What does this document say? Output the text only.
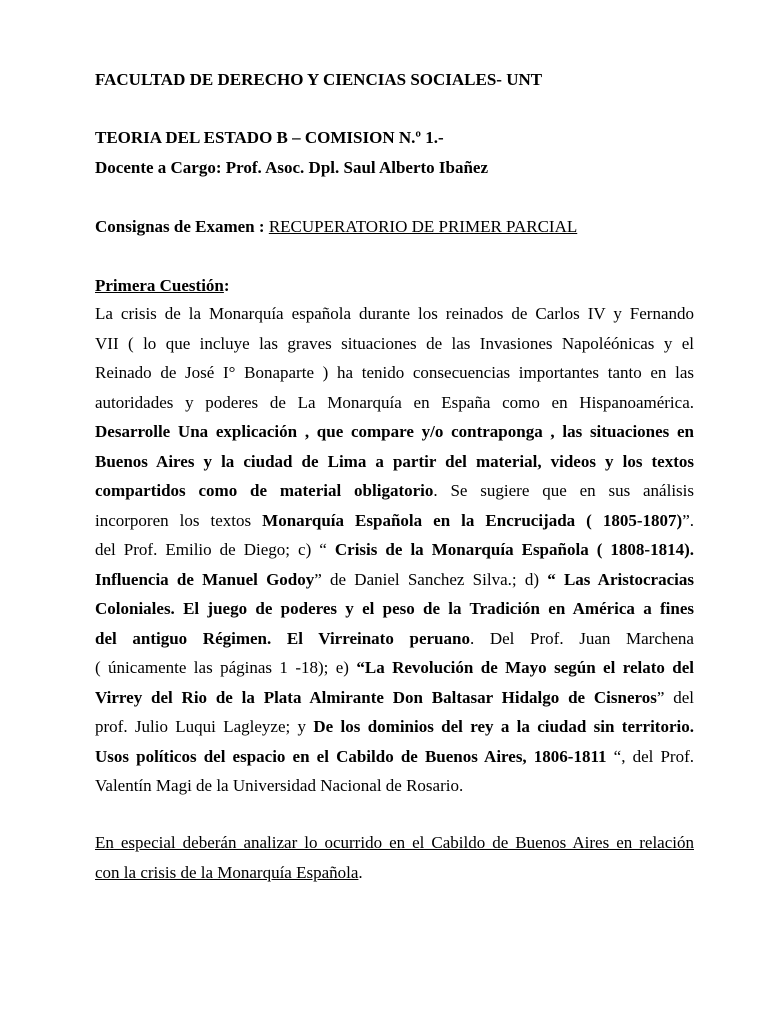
FACULTAD DE DERECHO Y CIENCIAS SOCIALES- UNT
TEORIA DEL ESTADO B – COMISION N.º 1.-
Docente a Cargo: Prof. Asoc. Dpl. Saul Alberto Ibañez
Consignas de Examen : RECUPERATORIO DE PRIMER PARCIAL
Primera Cuestión:
La crisis de la Monarquía española durante los reinados de Carlos IV y Fernando
VII ( lo que incluye las graves situaciones de las Invasiones Napoléónicas y el
Reinado de José I° Bonaparte ) ha tenido consecuencias importantes tanto en las
autoridades y poderes de La Monarquía en España como en Hispanoamérica.
Desarrolle Una explicación , que compare y/o contraponga , las situaciones en
Buenos Aires y la ciudad de Lima a partir del material, videos y los textos
compartidos como de material obligatorio. Se sugiere que en sus análisis
incorporen los textos Monarquía Española en la Encrucijada ( 1805-1807)”.
del Prof. Emilio de Diego; c) “ Crisis de la Monarquía Española ( 1808-1814).
Influencia de Manuel Godoy” de Daniel Sanchez Silva.; d) “ Las Aristocracias
Coloniales. El juego de poderes y el peso de la Tradición en América a fines
del antiguo Régimen. El Virreinato peruano. Del Prof. Juan Marchena
( únicamente las páginas 1 -18); e) “La Revolución de Mayo según el relato del
Virrey del Rio de la Plata Almirante Don Baltasar Hidalgo de Cisneros” del
prof. Julio Luqui Lagleyze; y De los dominios del rey a la ciudad sin territorio.
Usos políticos del espacio en el Cabildo de Buenos Aires, 1806-1811 “, del Prof.
Valentín Magi de la Universidad Nacional de Rosario.
En especial deberán analizar lo ocurrido en el Cabildo de Buenos Aires en relación
con la crisis de la Monarquía Española.
